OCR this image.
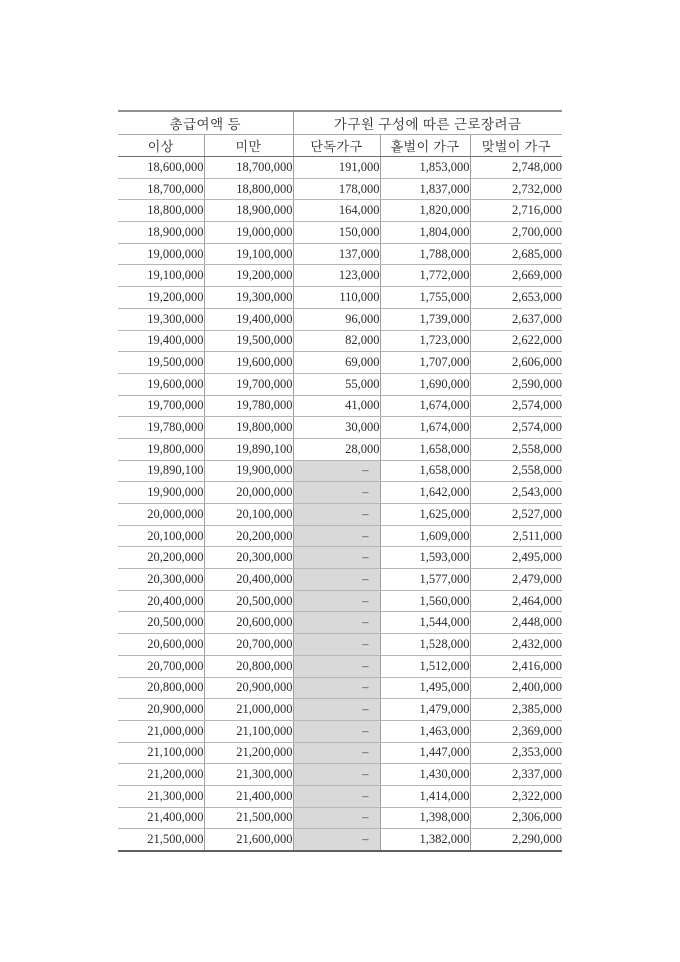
총급여액 등		가구원 구성에 따른 근로장려금		
이상	미만	단독가구	홑벌이 가구	맞벌이 가구
18,600,000	18,700,000	191,000	1,853,000	2,748,000
18,700,000	18,800,000	178,000	1,837,000	2,732,000
18,800,000	18,900,000	164,000	1,820,000	2,716,000
18,900,000	19,000,000	150,000	1,804,000	2,700,000
19,000,000	19,100,000	137,000	1,788,000	2,685,000
19,100,000	19,200,000	123,000	1,772,000	2,669,000
19,200,000	19,300,000	110,000	1,755,000	2,653,000
19,300,000	19,400,000	96,000	1,739,000	2,637,000
19,400,000	19,500,000	82,000	1,723,000	2,622,000
19,500,000	19,600,000	69,000	1,707,000	2,606,000
19,600,000	19,700,000	55,000	1,690,000	2,590,000
19,700,000	19,780,000	41,000	1,674,000	2,574,000
19,780,000	19,800,000	30,000	1,674,000	2,574,000
19,800,000	19,890,100	28,000	1,658,000	2,558,000
19,890,100	19,900,000	–	1,658,000	2,558,000
19,900,000	20,000,000	–	1,642,000	2,543,000
20,000,000	20,100,000	–	1,625,000	2,527,000
20,100,000	20,200,000	–	1,609,000	2,511,000
20,200,000	20,300,000	–	1,593,000	2,495,000
20,300,000	20,400,000	–	1,577,000	2,479,000
20,400,000	20,500,000	–	1,560,000	2,464,000
20,500,000	20,600,000	–	1,544,000	2,448,000
20,600,000	20,700,000	–	1,528,000	2,432,000
20,700,000	20,800,000	–	1,512,000	2,416,000
20,800,000	20,900,000	–	1,495,000	2,400,000
20,900,000	21,000,000	–	1,479,000	2,385,000
21,000,000	21,100,000	–	1,463,000	2,369,000
21,100,000	21,200,000	–	1,447,000	2,353,000
21,200,000	21,300,000	–	1,430,000	2,337,000
21,300,000	21,400,000	–	1,414,000	2,322,000
21,400,000	21,500,000	–	1,398,000	2,306,000
21,500,000	21,600,000	–	1,382,000	2,290,000
